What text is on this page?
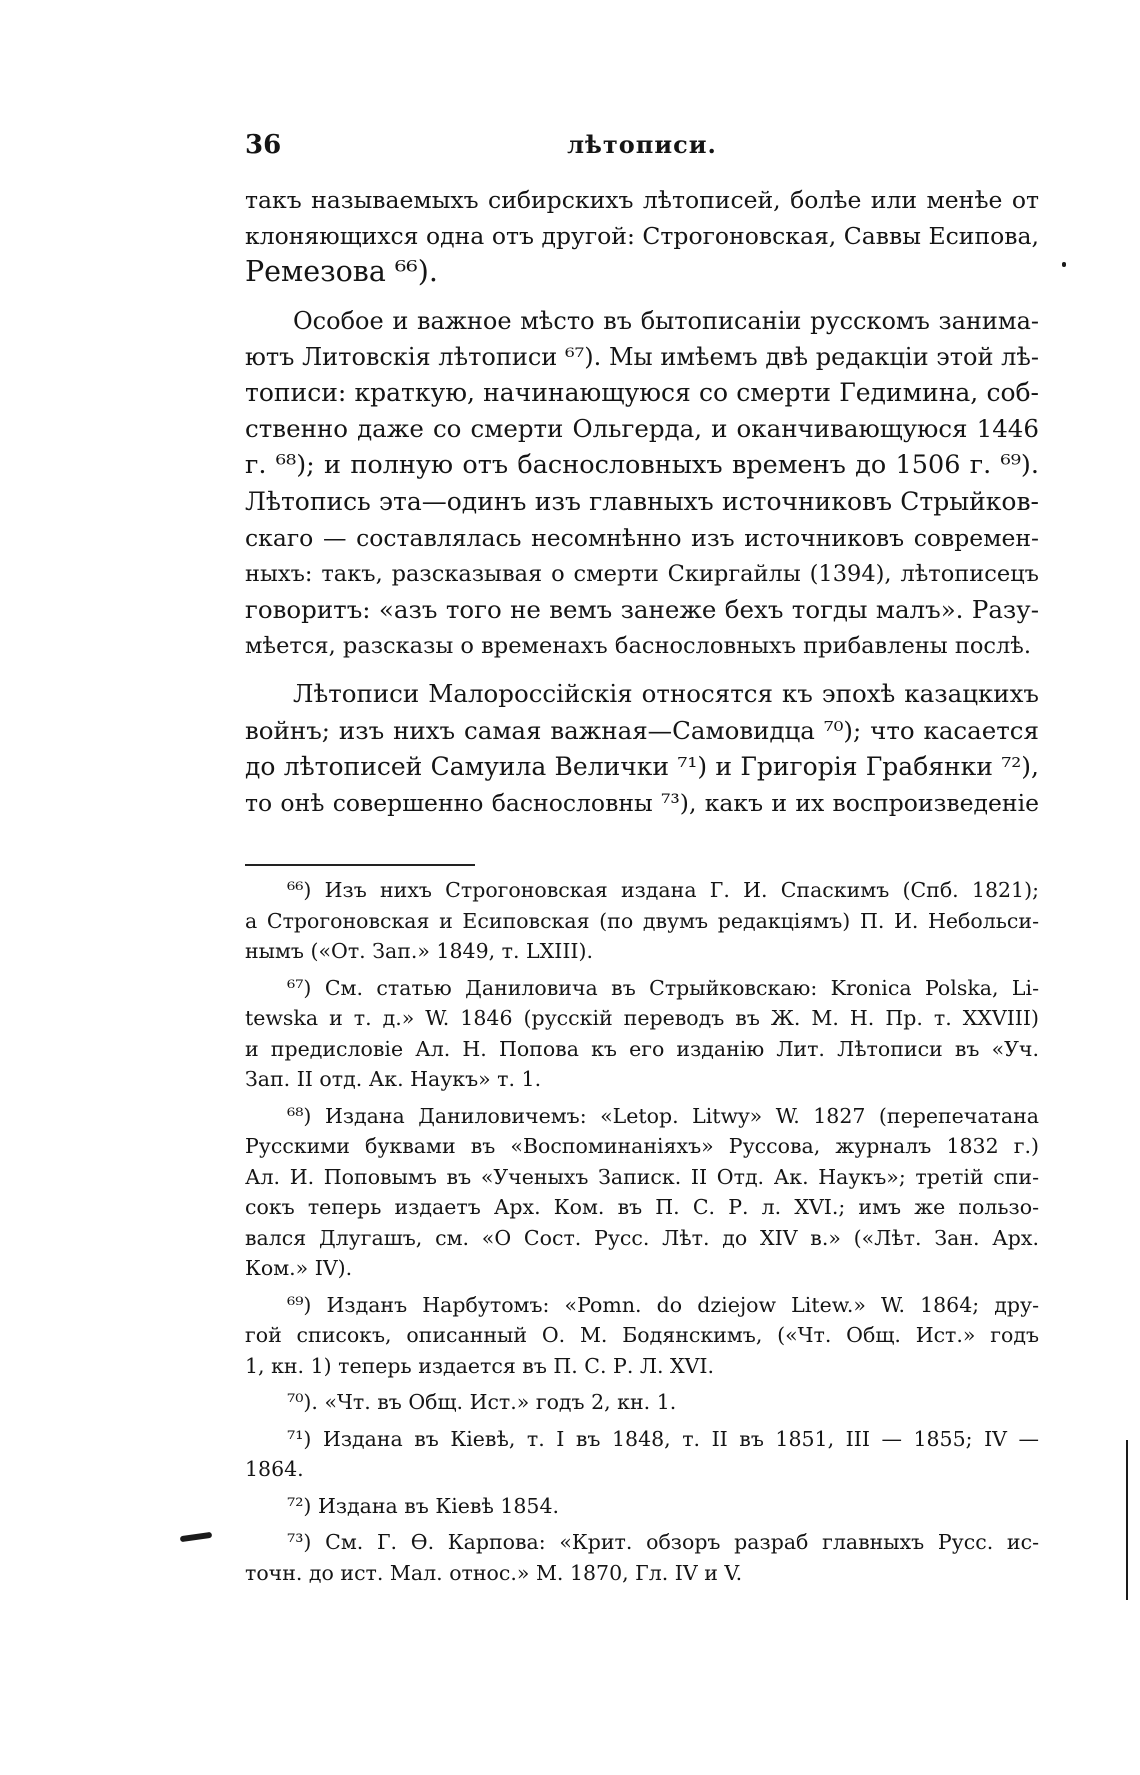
36	лѣтописи.
такъ называемыхъ сибирскихъ лѣтописей, болѣе или менѣе от
клоняющихся одна отъ другой: Строгоновская, Саввы Есипова,
Ремезова ⁶⁶).
Особое и важное мѣсто въ бытописаніи русскомъ занима-
ютъ Литовскія лѣтописи ⁶⁷). Мы имѣемъ двѣ редакціи этой лѣ-
тописи: краткую, начинающуюся со смерти Гедимина, соб-
ственно даже со смерти Ольгерда, и оканчивающуюся 1446
г. ⁶⁸); и полную отъ баснословныхъ временъ до 1506 г. ⁶⁹).
Лѣтопись эта—одинъ изъ главныхъ источниковъ Стрыйков-
скаго — составлялась несомнѣнно изъ источниковъ современ-
ныхъ: такъ, разсказывая о смерти Скиргайлы (1394), лѣтописецъ
говоритъ: «азъ того не вемъ занеже бехъ тогды малъ». Разу-
мѣется, разсказы о временахъ баснословныхъ прибавлены послѣ.
Лѣтописи Малороссійскія относятся къ эпохѣ казацкихъ
войнъ; изъ нихъ самая важная—Самовидца ⁷⁰); что касается
до лѣтописей Самуила Велички ⁷¹) и Григорія Грабянки ⁷²),
то онѣ совершенно баснословны ⁷³), какъ и их воспроизведеніе
⁶⁶) Изъ нихъ Строгоновская издана Г. И. Спаскимъ (Спб. 1821);
а Строгоновская и Есиповская (по двумъ редакціямъ) П. И. Небольси-
нымъ («От. Зап.» 1849, т. LXIII).
⁶⁷) См. статью Даниловича въ Стрыйковскаю: Kronica Polska, Li-
tewska и т. д.» W. 1846 (русскій переводъ въ Ж. М. Н. Пр. т. XXVIII)
и предисловіе Ал. Н. Попова къ его изданію Лит. Лѣтописи въ «Уч.
Зап. II отд. Ак. Наукъ» т. 1.
⁶⁸) Издана Даниловичемъ: «Letop. Litwy» W. 1827 (перепечатана
Русскими буквами въ «Воспоминаніяхъ» Руссова, журналъ 1832 г.)
Ал. И. Поповымъ въ «Ученыхъ Записк. II Отд. Ак. Наукъ»; третій спи-
сокъ теперь издаетъ Арх. Ком. въ П. С. Р. л. XVI.; имъ же пользо-
вался Длугашъ, см. «О Сост. Русс. Лѣт. до XIV в.» («Лѣт. Зан. Арх.
Ком.» IV).
⁶⁹) Изданъ Нарбутомъ: «Pomn. do dziejow Litew.» W. 1864; дру-
гой списокъ, описанный О. М. Бодянскимъ, («Чт. Общ. Ист.» годъ
1, кн. 1) теперь издается въ П. С. Р. Л. XVI.
⁷⁰). «Чт. въ Общ. Ист.» годъ 2, кн. 1.
⁷¹) Издана въ Кіевѣ, т. I въ 1848, т. II въ 1851, III — 1855; IV —
1864.
⁷²) Издана въ Кіевѣ 1854.
⁷³) См. Г. Ѳ. Карпова: «Крит. обзоръ разраб главныхъ Русс. ис-
точн. до ист. Мал. относ.» М. 1870, Гл. IV и V.
